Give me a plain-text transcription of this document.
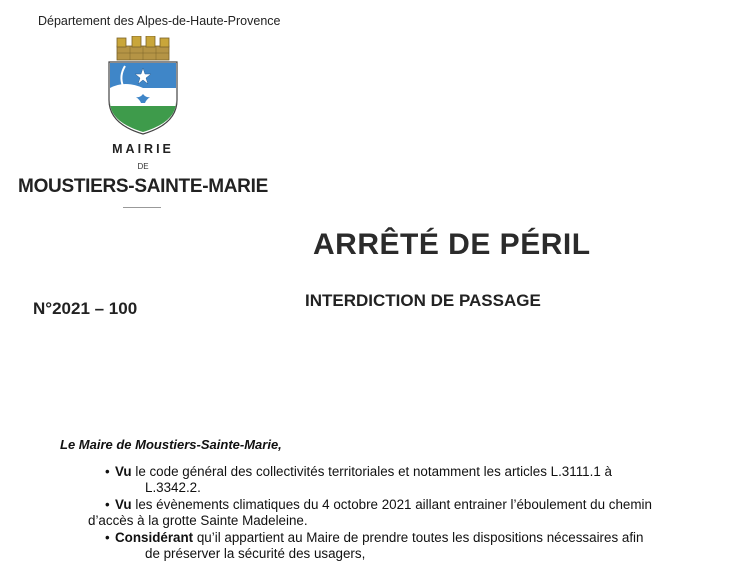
Département des Alpes-de-Haute-Provence
MAIRIE
DE
MOUSTIERS-SAINTE-MARIE
ARRÊTÉ DE PÉRIL
INTERDICTION DE PASSAGE
N°2021 – 100
Le Maire de Moustiers-Sainte-Marie,
• Vu le code général des collectivités territoriales et notamment les articles L.3111.1 à
L.3342.2.
• Vu les évènements climatiques du 4 octobre 2021 aillant entrainer l’éboulement du chemin
d’accès à la grotte Sainte Madeleine.
• Considérant qu’il appartient au Maire de prendre toutes les dispositions nécessaires afin
de préserver la sécurité des usagers,
